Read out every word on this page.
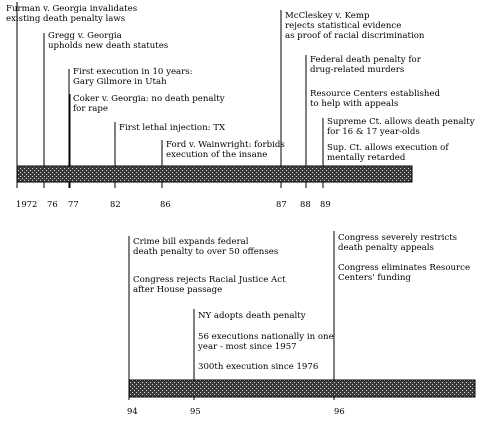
Furman v. Georgia invalidates existing death penalty laws
Gregg v. Georgia upholds new death statutes
First execution in 10 years: Gary Gilmore in Utah
Coker v. Georgia: no death penalty for rape
First lethal injection: TX
Ford v. Wainwright: forbids execution of the insane
McCleskey v. Kemp rejects statistical evidence as proof of racial discrimination
Federal death penalty for drug-related murders
Resource Centers established to help with appeals
Supreme Ct. allows death penalty for 16 & 17 year-olds
Sup. Ct. allows execution of mentally retarded
1972 76 77	82	86	87 88 89
Crime bill expands federal death penalty to over 50 offenses
Congress rejects Racial Justice Act after House passage
NY adopts death penalty
56 executions nationally in one year - most since 1957
300th execution since 1976
Congress severely restricts death penalty appeals
Congress eliminates Resource Centers' funding
94	95	96
